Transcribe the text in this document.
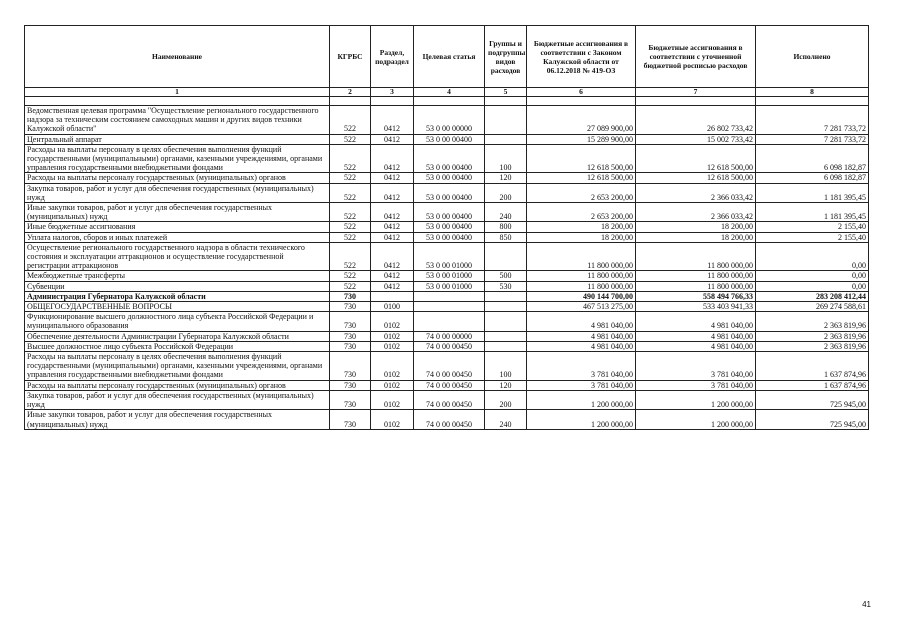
Наименование	КГРБС	Раздел, подраздел	Целевая статья	Группы и подгруппы видов расходов	Бюджетные ассигнования в соответствии с Законом Калужской области от 06.12.2018 № 419-ОЗ	Бюджетные ассигнования в соответствии с уточненной бюджетной росписью расходов	Исполнено
1	2	3	4	5	6	7	8

Ведомственная целевая программа "Осуществление регионального государственного надзора за техническим состоянием самоходных машин и других видов техники Калужской области"	522	0412	53 0 00 00000		27 089 900,00	26 802 733,42	7 281 733,72
Центральный аппарат	522	0412	53 0 00 00400		15 289 900,00	15 002 733,42	7 281 733,72
Расходы на выплаты персоналу в целях обеспечения выполнения функций государственными (муниципальными) органами, казенными учреждениями, органами управления государственными внебюджетными фондами	522	0412	53 0 00 00400	100	12 618 500,00	12 618 500,00	6 098 182,87
Расходы на выплаты персоналу государственных (муниципальных) органов	522	0412	53 0 00 00400	120	12 618 500,00	12 618 500,00	6 098 182,87
Закупка товаров, работ и услуг для обеспечения государственных (муниципальных) нужд	522	0412	53 0 00 00400	200	2 653 200,00	2 366 033,42	1 181 395,45
Иные закупки товаров, работ и услуг для обеспечения государственных (муниципальных) нужд	522	0412	53 0 00 00400	240	2 653 200,00	2 366 033,42	1 181 395,45
Иные бюджетные ассигнования	522	0412	53 0 00 00400	800	18 200,00	18 200,00	2 155,40
Уплата налогов, сборов и иных платежей	522	0412	53 0 00 00400	850	18 200,00	18 200,00	2 155,40
Осуществление регионального государственного надзора в области технического состояния и эксплуатации аттракционов и осуществление государственной регистрации аттракционов	522	0412	53 0 00 01000		11 800 000,00	11 800 000,00	0,00
Межбюджетные трансферты	522	0412	53 0 00 01000	500	11 800 000,00	11 800 000,00	0,00
Субвенции	522	0412	53 0 00 01000	530	11 800 000,00	11 800 000,00	0,00
Администрация Губернатора Калужской области	730				490 144 700,00	558 494 766,33	283 208 412,44
ОБЩЕГОСУДАРСТВЕННЫЕ ВОПРОСЫ	730	0100			467 513 275,00	533 403 941,33	269 274 588,61
Функционирование высшего должностного лица субъекта Российской Федерации и муниципального образования	730	0102			4 981 040,00	4 981 040,00	2 363 819,96
Обеспечение деятельности Администрации Губернатора Калужской области	730	0102	74 0 00 00000		4 981 040,00	4 981 040,00	2 363 819,96
Высшее должностное лицо субъекта Российской Федерации	730	0102	74 0 00 00450		4 981 040,00	4 981 040,00	2 363 819,96
Расходы на выплаты персоналу в целях обеспечения выполнения функций государственными (муниципальными) органами, казенными учреждениями, органами управления государственными внебюджетными фондами	730	0102	74 0 00 00450	100	3 781 040,00	3 781 040,00	1 637 874,96
Расходы на выплаты персоналу государственных (муниципальных) органов	730	0102	74 0 00 00450	120	3 781 040,00	3 781 040,00	1 637 874,96
Закупка товаров, работ и услуг для обеспечения государственных (муниципальных) нужд	730	0102	74 0 00 00450	200	1 200 000,00	1 200 000,00	725 945,00
Иные закупки товаров, работ и услуг для обеспечения государственных (муниципальных) нужд	730	0102	74 0 00 00450	240	1 200 000,00	1 200 000,00	725 945,00
41
